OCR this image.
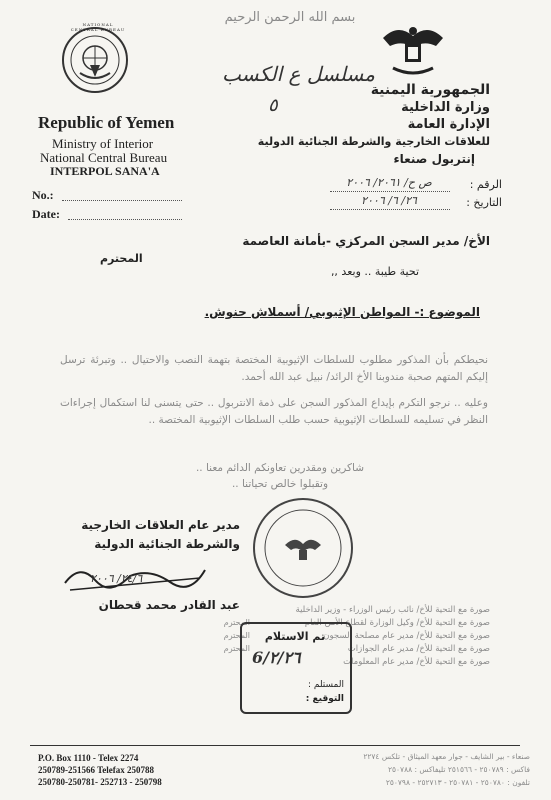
بسم الله الرحمن الرحيم
NATIONAL CENTRAL BUREAU
مسلسل ع الكسب
٥
Republic of Yemen
Ministry of Interior
National Central Bureau
INTERPOL SANA'A
No.:
Date:
الجمهورية اليمنية
وزارة الداخلية
الإدارة العامة
للعلاقات الخارجية والشرطة الجنائية الدولية
إنتربول صنعاء
الرقم :
ص ح/ ٢٠٦١/ ٢٠٠٦
التاريخ :
٢٦/ ٦/ ٢٠٠٦
الأخ/ مدير السجن المركزي -بأمانة العاصمة
المحترم
تحية طيبة .. وبعد ,,
الموضوع :- المواطن الإثيوبي/ أسملاش حنوش.
نحيطكم بأن المذكور مطلوب للسلطات الإثيوبية المختصة بتهمة النصب والاحتيال .. وتبرئة ترسل إليكم المتهم صحبة مندوبنا الأخ الرائد/ نبيل عبد الله أحمد.
وعليه .. نرجو التكرم بإيداع المذكور السجن على ذمة الانتربول .. حتى يتسنى لنا استكمال إجراءات النظر في تسليمه للسلطات الإثيوبية حسب طلب السلطات الإثيوبية المختصة ..
شاكرين ومقدرين تعاونكم الدائم معنا ..
وتقبلوا خالص تحياتنا ..
مدير عام العلاقات الخارجية
والشرطة الجنائية الدولية
٢٤/٦/ ٢٠٠٦
عبد القادر محمد قحطان	صورة مع التحية للأخ/ نائب رئيس الوزراء - وزير الداخلية
صورة مع التحية للأخ/ وكيل الوزارة لقطاع الأمن العام
صورة مع التحية للأخ/ مدير عام مصلحة السجون
صورة مع التحية للأخ/ مدير عام الجوازات
صورة مع التحية للأخ/ مدير عام المعلومات
المحترم
المحترم
المحترم
تم الاستلام
6/٢/٢٦
المستلم :
التوقيع :
P.O. Box 1110 - Telex 2274
250789-251566 Telefax 250788
250780-250781- 252713 - 250798
صنعاء - بير الشايف - جوار معهد الميثاق - تلكس ٢٢٧٤
فاكس : ٢٥٠٧٨٩ - ٢٥١٥٦٦ تليفاكس : ٢٥٠٧٨٨
تلفون : ٢٥٠٧٨٠ - ٢٥٠٧٨١ - ٢٥٢٧١٣ - ٢٥٠٧٩٨
